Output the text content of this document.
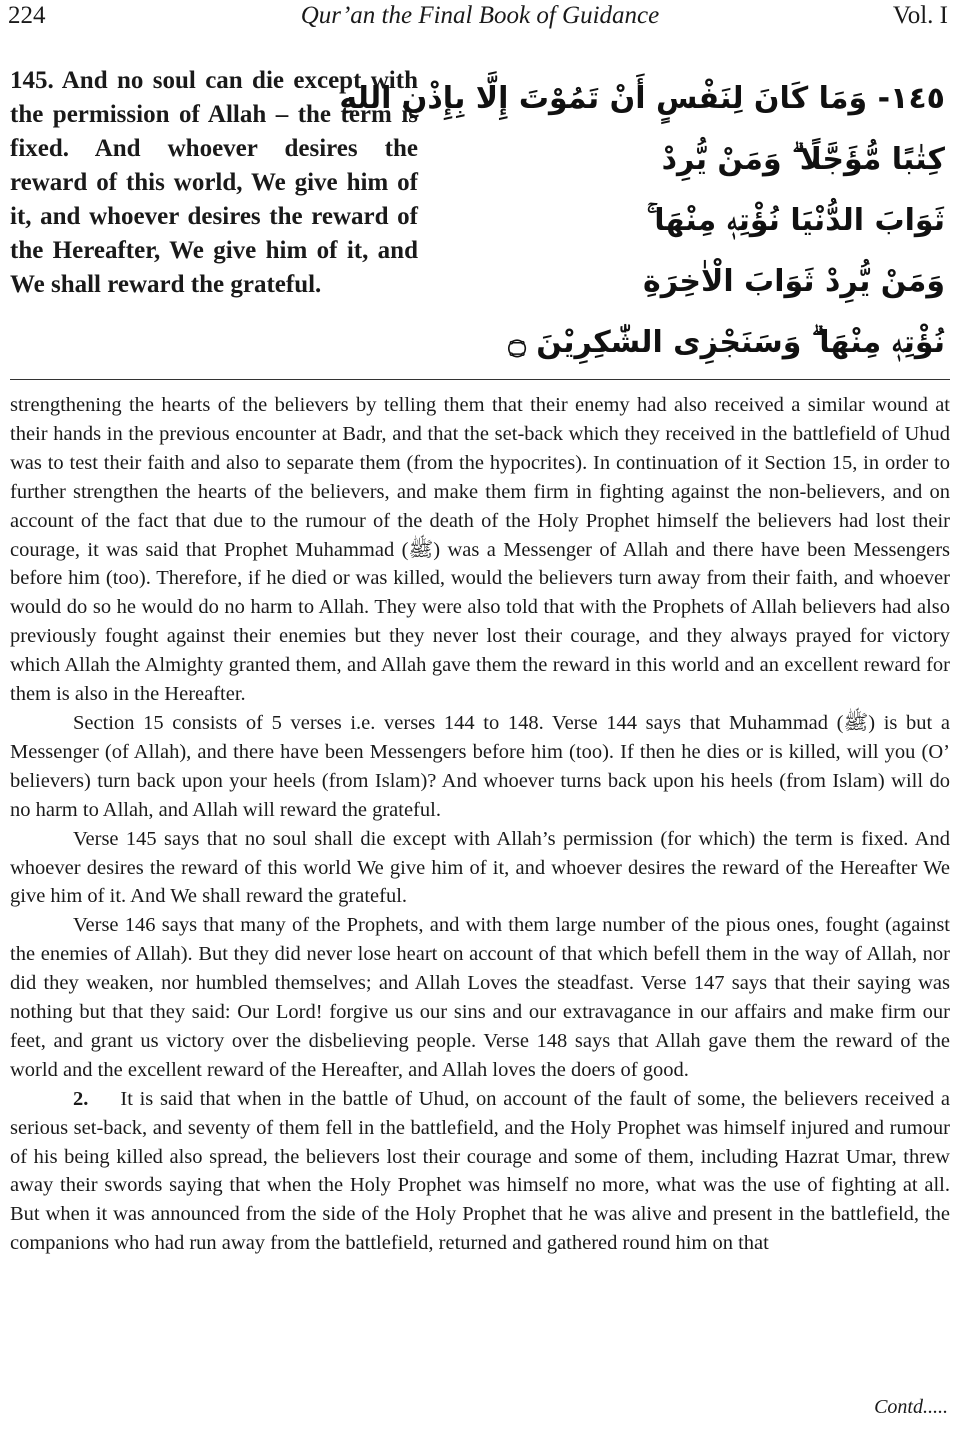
224	Qur’an the Final Book of Guidance	Vol. I

145. And no soul can die except with the permission of Allah – the term is fixed. And whoever desires the reward of this world, We give him of it, and whoever desires the reward of the Hereafter, We give him of it, and We shall reward the grateful.

١٤٥- وَمَا كَانَ لِنَفْسٍ أَنْ تَمُوْتَ إِلَّا بِإِذْنِ اللهِ
كِتٰبًا مُّؤَجَّلًا ۗ وَمَنْ يُّرِدْ
ثَوَابَ الدُّنْيَا نُؤْتِهٖ مِنْهَا ۚ
وَمَنْ يُّرِدْ ثَوَابَ الْاٰخِرَةِ
نُؤْتِهٖ مِنْهَا ۗ وَسَنَجْزِى الشّٰكِرِيْنَ ۝

strengthening the hearts of the believers by telling them that their enemy had also received a similar wound at their hands in the previous encounter at Badr, and that the set-back which they received in the battlefield of Uhud was to test their faith and also to separate them (from the hypocrites). In continuation of it Section 15, in order to further strengthen the hearts of the believers, and make them firm in fighting against the non-believers, and on account of the fact that due to the rumour of the death of the Holy Prophet himself the believers had lost their courage, it was said that Prophet Muhammad (ﷺ) was a Messenger of Allah and there have been Messengers before him (too). Therefore, if he died or was killed, would the believers turn away from their faith, and whoever would do so he would do no harm to Allah. They were also told that with the Prophets of Allah believers had also previously fought against their enemies but they never lost their courage, and they always prayed for victory which Allah the Almighty granted them, and Allah gave them the reward in this world and an excellent reward for them is also in the Hereafter.

Section 15 consists of 5 verses i.e. verses 144 to 148. Verse 144 says that Muhammad (ﷺ) is but a Messenger (of Allah), and there have been Messengers before him (too). If then he dies or is killed, will you (O’ believers) turn back upon your heels (from Islam)? And whoever turns back upon his heels (from Islam) will do no harm to Allah, and Allah will reward the grateful.

Verse 145 says that no soul shall die except with Allah’s permission (for which) the term is fixed. And whoever desires the reward of this world We give him of it, and whoever desires the reward of the Hereafter We give him of it. And We shall reward the grateful.

Verse 146 says that many of the Prophets, and with them large number of the pious ones, fought (against the enemies of Allah). But they did never lose heart on account of that which befell them in the way of Allah, nor did they weaken, nor humbled themselves; and Allah Loves the steadfast. Verse 147 says that their saying was nothing but that they said: Our Lord! forgive us our sins and our extravagance in our affairs and make firm our feet, and grant us victory over the disbelieving people. Verse 148 says that Allah gave them the reward of the world and the excellent reward of the Hereafter, and Allah loves the doers of good.

2. It is said that when in the battle of Uhud, on account of the fault of some, the believers received a serious set-back, and seventy of them fell in the battlefield, and the Holy Prophet was himself injured and rumour of his being killed also spread, the believers lost their courage and some of them, including Hazrat Umar, threw away their swords saying that when the Holy Prophet was himself no more, what was the use of fighting at all. But when it was announced from the side of the Holy Prophet that he was alive and present in the battlefield, the companions who had run away from the battlefield, returned and gathered round him on that

Contd.....
